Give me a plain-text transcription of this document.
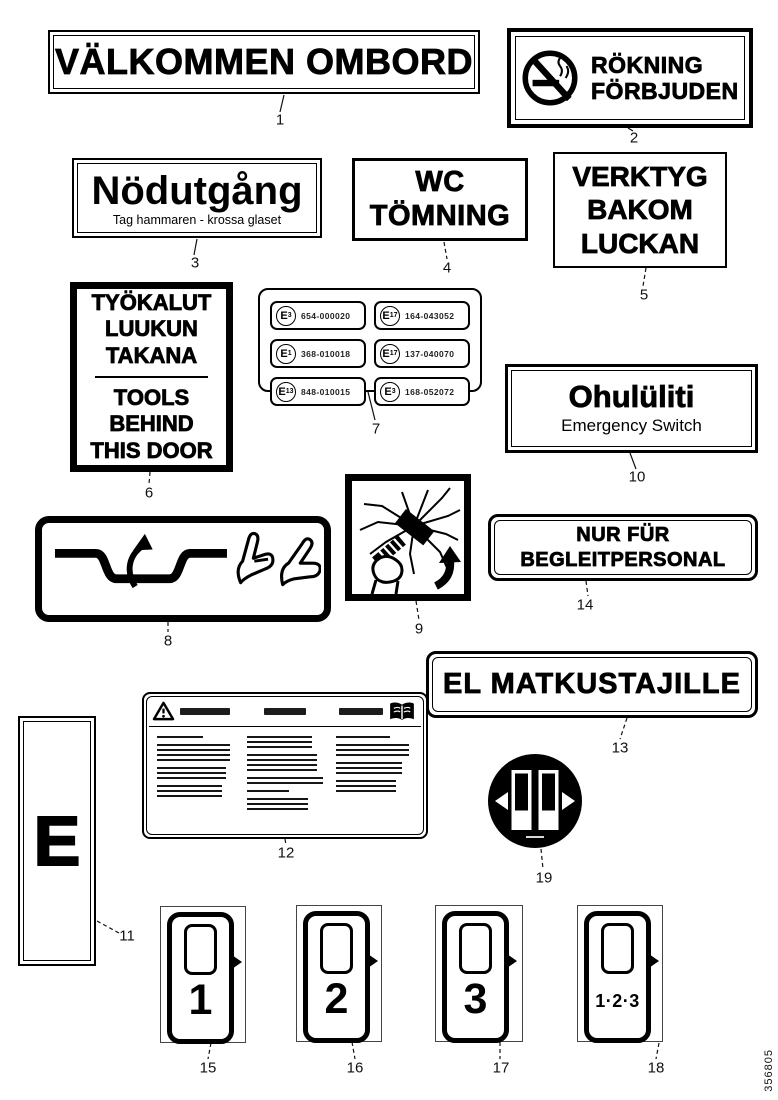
VÄLKOMMEN OMBORD	RÖKNING
FÖRBJUDEN
Nödutgång
Tag hammaren - krossa glaset
WC
TÖMNING
VERKTYG
BAKOM
LUCKAN
TYÖKALUT
LUUKUN
TAKANA
TOOLS
BEHIND
THIS DOOR
E 3 654-000020	E 17 164-043052
E 1 368-010018	E 17 137-040070
E 13 848-010015	E 3 168-052072	Ohulüliti
Emergency Switch
E
EL MATKUSTAJILLE
NUR FÜR
BEGLEITPERSONAL
1	2	3	1·2·3
1
2
3	4
5
6
7
8
9
10
11
12
13
14
15	16	17	18
19
356805
